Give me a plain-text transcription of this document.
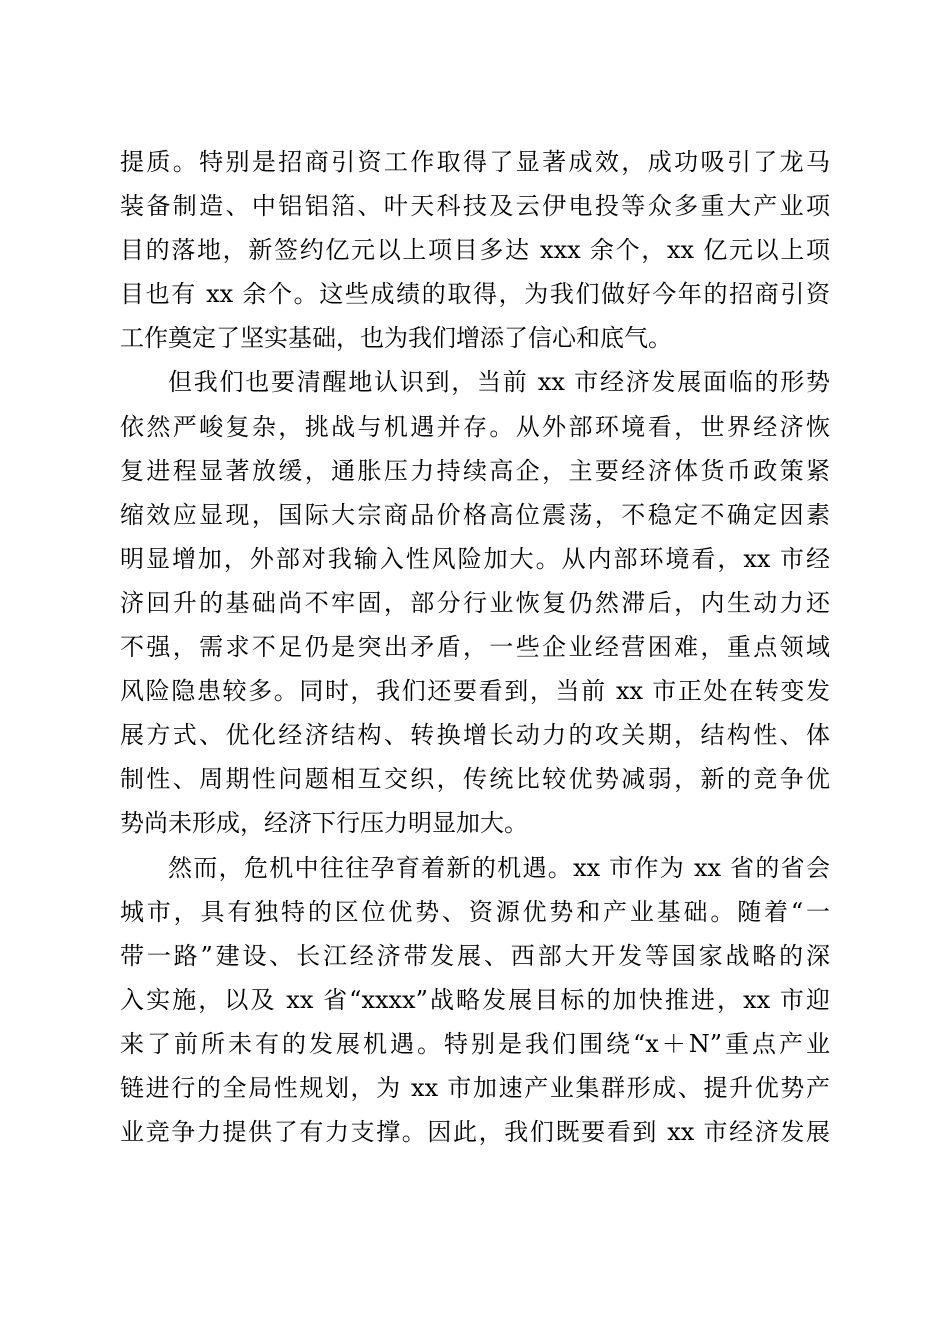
提质。特别是招商引资工作取得了显著成效，成功吸引了龙马
装备制造、中铝铝箔、叶天科技及云伊电投等众多重大产业项
目的落地，新签约亿元以上项目多达 xxx 余个，xx 亿元以上项
目也有 xx 余个。这些成绩的取得，为我们做好今年的招商引资
工作奠定了坚实基础，也为我们增添了信心和底气。
但我们也要清醒地认识到，当前 xx 市经济发展面临的形势
依然严峻复杂，挑战与机遇并存。从外部环境看，世界经济恢
复进程显著放缓，通胀压力持续高企，主要经济体货币政策紧
缩效应显现，国际大宗商品价格高位震荡，不稳定不确定因素
明显增加，外部对我输入性风险加大。从内部环境看，xx 市经
济回升的基础尚不牢固，部分行业恢复仍然滞后，内生动力还
不强，需求不足仍是突出矛盾，一些企业经营困难，重点领域
风险隐患较多。同时，我们还要看到，当前 xx 市正处在转变发
展方式、优化经济结构、转换增长动力的攻关期，结构性、体
制性、周期性问题相互交织，传统比较优势减弱，新的竞争优
势尚未形成，经济下行压力明显加大。
然而，危机中往往孕育着新的机遇。xx 市作为 xx 省的省会
城市，具有独特的区位优势、资源优势和产业基础。随着“一
带一路”建设、长江经济带发展、西部大开发等国家战略的深
入实施，以及 xx 省“xxxx”战略发展目标的加快推进，xx 市迎
来了前所未有的发展机遇。特别是我们围绕“x＋N”重点产业
链进行的全局性规划，为 xx 市加速产业集群形成、提升优势产
业竞争力提供了有力支撑。因此，我们既要看到 xx 市经济发展
